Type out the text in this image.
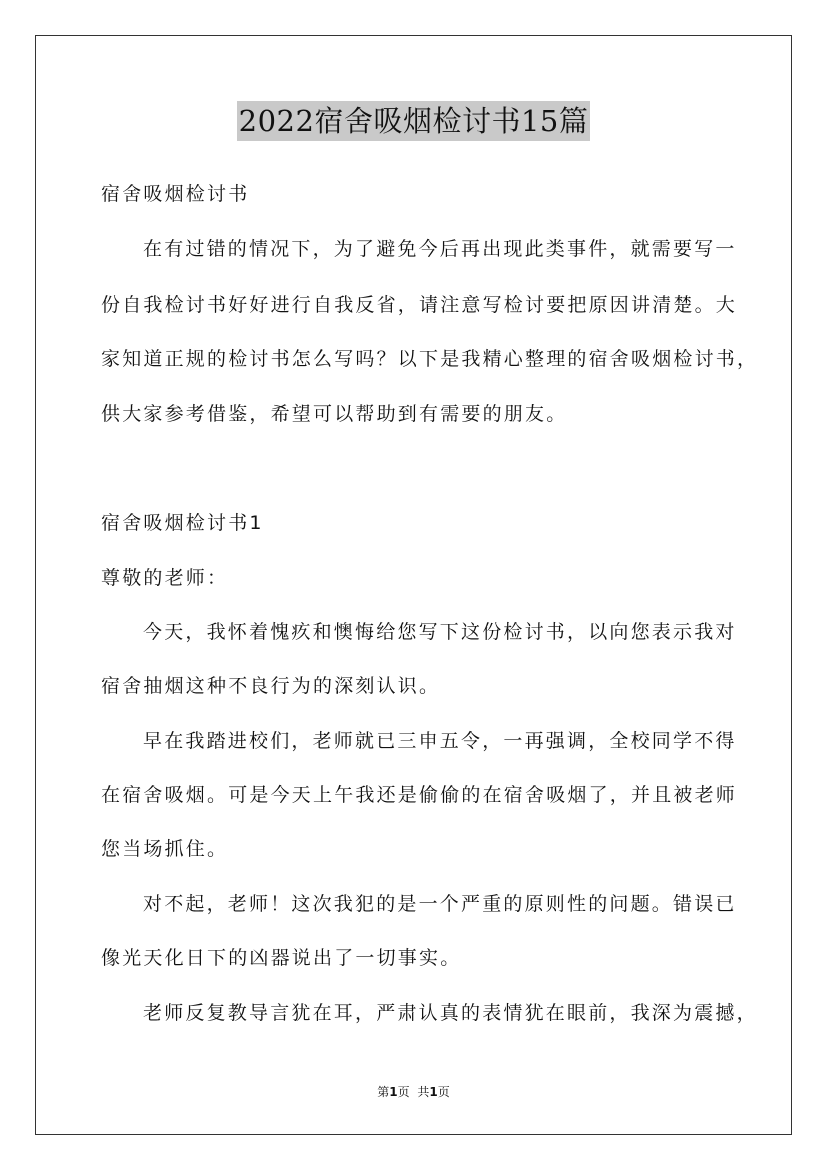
2022宿舍吸烟检讨书15篇
宿舍吸烟检讨书
在有过错的情况下，为了避免今后再出现此类事件，就需要写一
份自我检讨书好好进行自我反省，请注意写检讨要把原因讲清楚。大
家知道正规的检讨书怎么写吗？以下是我精心整理的宿舍吸烟检讨书，
供大家参考借鉴，希望可以帮助到有需要的朋友。
宿舍吸烟检讨书1
尊敬的老师：
今天，我怀着愧疚和懊悔给您写下这份检讨书，以向您表示我对
宿舍抽烟这种不良行为的深刻认识。
早在我踏进校们，老师就已三申五令，一再强调，全校同学不得
在宿舍吸烟。可是今天上午我还是偷偷的在宿舍吸烟了，并且被老师
您当场抓住。
对不起，老师！这次我犯的是一个严重的原则性的问题。错误已
像光天化日下的凶器说出了一切事实。
老师反复教导言犹在耳，严肃认真的表情犹在眼前，我深为震撼，
第1页 共1页
